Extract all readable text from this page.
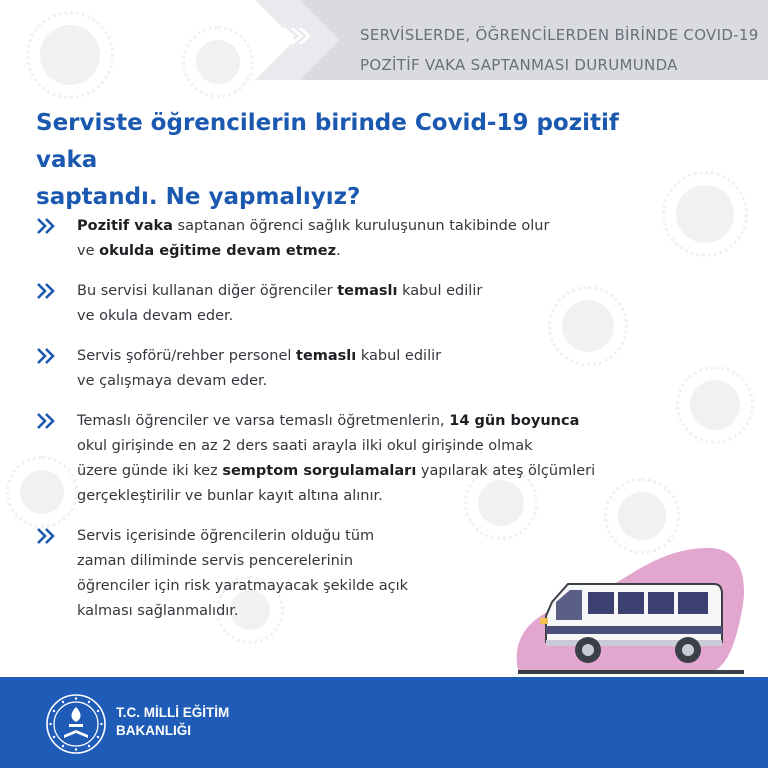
SERVİSLERDE, ÖĞRENCİLERDEN BİRİNDE COVID-19
POZİTİF VAKA SAPTANMASI DURUMUNDA
Serviste öğrencilerin birinde Covid-19 pozitif vaka
saptandı. Ne yapmalıyız?
Pozitif vaka saptanan öğrenci sağlık kuruluşunun takibinde olur
ve okulda eğitime devam etmez.
Bu servisi kullanan diğer öğrenciler temaslı kabul edilir
ve okula devam eder.
Servis şoförü/rehber personel temaslı kabul edilir
ve çalışmaya devam eder.
Temaslı öğrenciler ve varsa temaslı öğretmenlerin, 14 gün boyunca
okul girişinde en az 2 ders saati arayla ilki okul girişinde olmak
üzere günde iki kez semptom sorgulamaları yapılarak ateş ölçümleri
gerçekleştirilir ve bunlar kayıt altına alınır.
Servis içerisinde öğrencilerin olduğu tüm
zaman diliminde servis pencerelerinin
öğrenciler için risk yaratmayacak şekilde açık
kalması sağlanmalıdır.
T.C. MİLLİ EĞİTİM
BAKANLIĞI
